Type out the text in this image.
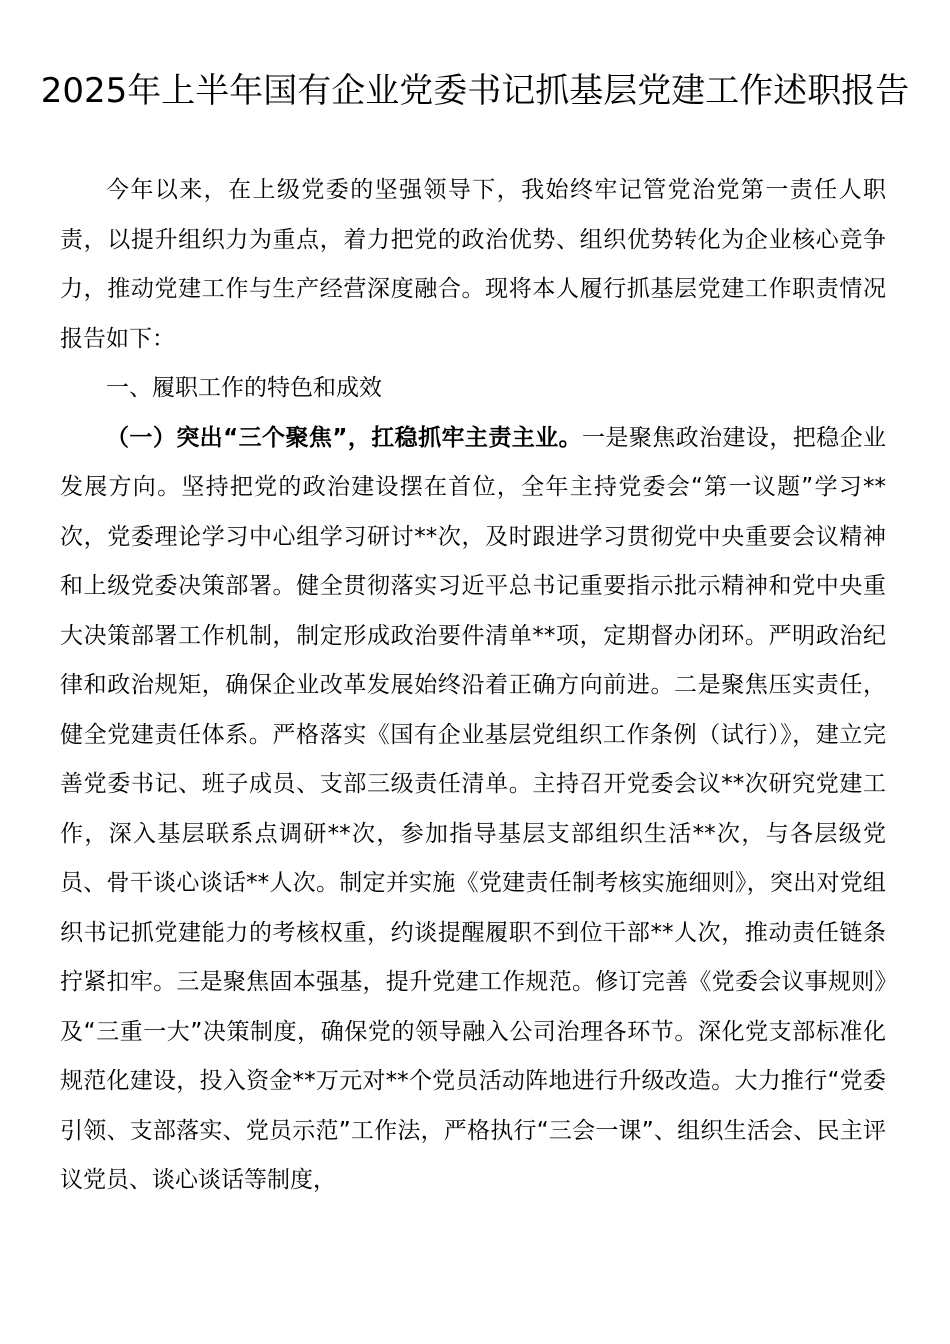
2025年上半年国有企业党委书记抓基层党建工作述职报告

今年以来，在上级党委的坚强领导下，我始终牢记管党治党第一责任人职责，以提升组织力为重点，着力把党的政治优势、组织优势转化为企业核心竞争力，推动党建工作与生产经营深度融合。现将本人履行抓基层党建工作职责情况报告如下：

一、履职工作的特色和成效

（一）突出“三个聚焦”，扛稳抓牢主责主业。一是聚焦政治建设，把稳企业发展方向。坚持把党的政治建设摆在首位，全年主持党委会“第一议题”学习**次，党委理论学习中心组学习研讨**次，及时跟进学习贯彻党中央重要会议精神和上级党委决策部署。健全贯彻落实习近平总书记重要指示批示精神和党中央重大决策部署工作机制，制定形成政治要件清单**项，定期督办闭环。严明政治纪律和政治规矩，确保企业改革发展始终沿着正确方向前进。二是聚焦压实责任，健全党建责任体系。严格落实《国有企业基层党组织工作条例（试行）》，建立完善党委书记、班子成员、支部三级责任清单。主持召开党委会议**次研究党建工作，深入基层联系点调研**次，参加指导基层支部组织生活**次，与各层级党员、骨干谈心谈话**人次。制定并实施《党建责任制考核实施细则》，突出对党组织书记抓党建能力的考核权重，约谈提醒履职不到位干部**人次，推动责任链条拧紧扣牢。三是聚焦固本强基，提升党建工作规范。修订完善《党委会议事规则》及“三重一大”决策制度，确保党的领导融入公司治理各环节。深化党支部标准化规范化建设，投入资金**万元对**个党员活动阵地进行升级改造。大力推行“党委引领、支部落实、党员示范”工作法，严格执行“三会一课”、组织生活会、民主评议党员、谈心谈话等制度，
